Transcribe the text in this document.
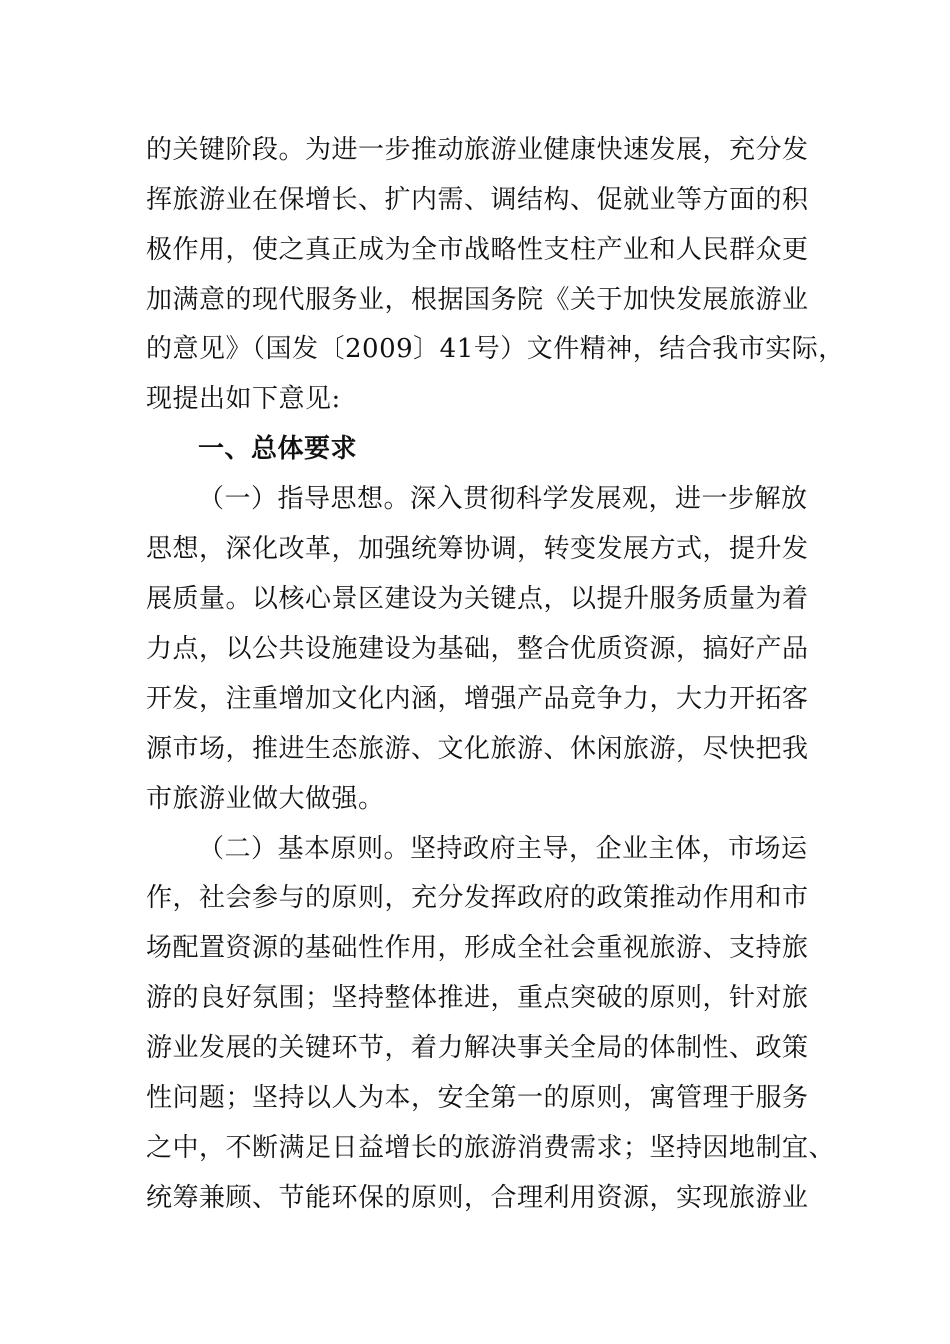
的关键阶段。为进一步推动旅游业健康快速发展，充分发
挥旅游业在保增长、扩内需、调结构、促就业等方面的积
极作用，使之真正成为全市战略性支柱产业和人民群众更
加满意的现代服务业，根据国务院《关于加快发展旅游业
的意见》（国发〔2009〕41号）文件精神，结合我市实际，
现提出如下意见:
一、总体要求
（一）指导思想。深入贯彻科学发展观，进一步解放
思想，深化改革，加强统筹协调，转变发展方式，提升发
展质量。以核心景区建设为关键点，以提升服务质量为着
力点，以公共设施建设为基础，整合优质资源，搞好产品
开发，注重增加文化内涵，增强产品竞争力，大力开拓客
源市场，推进生态旅游、文化旅游、休闲旅游，尽快把我
市旅游业做大做强。
（二）基本原则。坚持政府主导，企业主体，市场运
作，社会参与的原则，充分发挥政府的政策推动作用和市
场配置资源的基础性作用，形成全社会重视旅游、支持旅
游的良好氛围；坚持整体推进，重点突破的原则，针对旅
游业发展的关键环节，着力解决事关全局的体制性、政策
性问题；坚持以人为本，安全第一的原则，寓管理于服务
之中，不断满足日益增长的旅游消费需求；坚持因地制宜、
统筹兼顾、节能环保的原则，合理利用资源，实现旅游业
